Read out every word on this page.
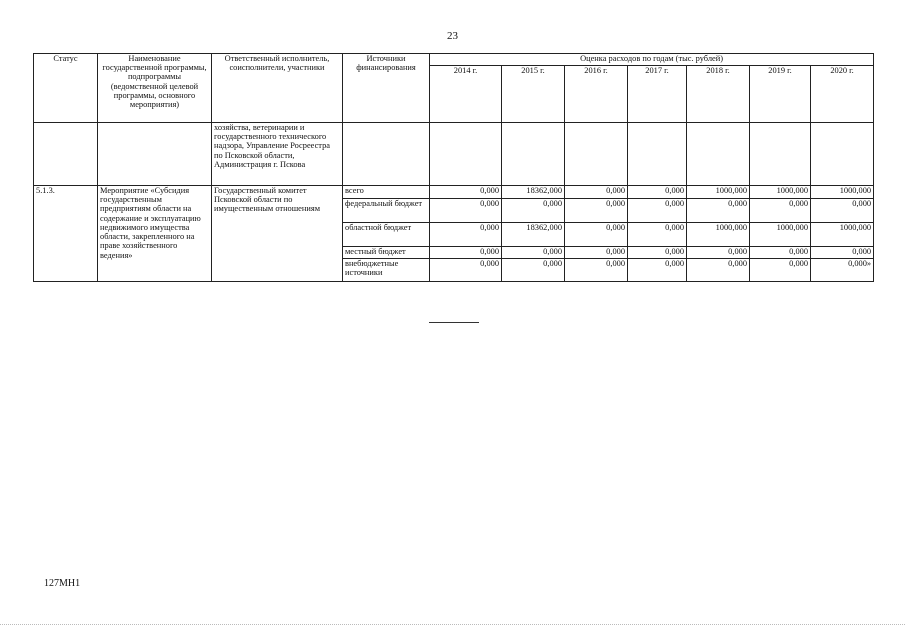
23
Статус	Наименование государственной программы, подпрограммы (ведомственной целевой программы, основного мероприятия)	Ответственный исполнитель, соисполнители, участники	Источники финансирования	Оценка расходов по годам (тыс. рублей)						
				2014 г.	2015 г.	2016 г.	2017 г.	2018 г.	2019 г.	2020 г.
		хозяйства, ветеринарии и государственного технического надзора, Управление Росреестра по Псковской области, Администрация г. Пскова								
5.1.3.	Мероприятие «Субсидия государственным предприятиям области на содержание и эксплуатацию недвижимого имущества области, закрепленного на праве хозяйственного ведения»	Государственный комитет Псковской области по имущественным отношениям	всего	0,000	18362,000	0,000	0,000	1000,000	1000,000	1000,000
			федеральный бюджет	0,000	0,000	0,000	0,000	0,000	0,000	0,000
			областной бюджет	0,000	18362,000	0,000	0,000	1000,000	1000,000	1000,000
			местный бюджет	0,000	0,000	0,000	0,000	0,000	0,000	0,000
			внебюджетные источники	0,000	0,000	0,000	0,000	0,000	0,000	0,000»
127МН1
